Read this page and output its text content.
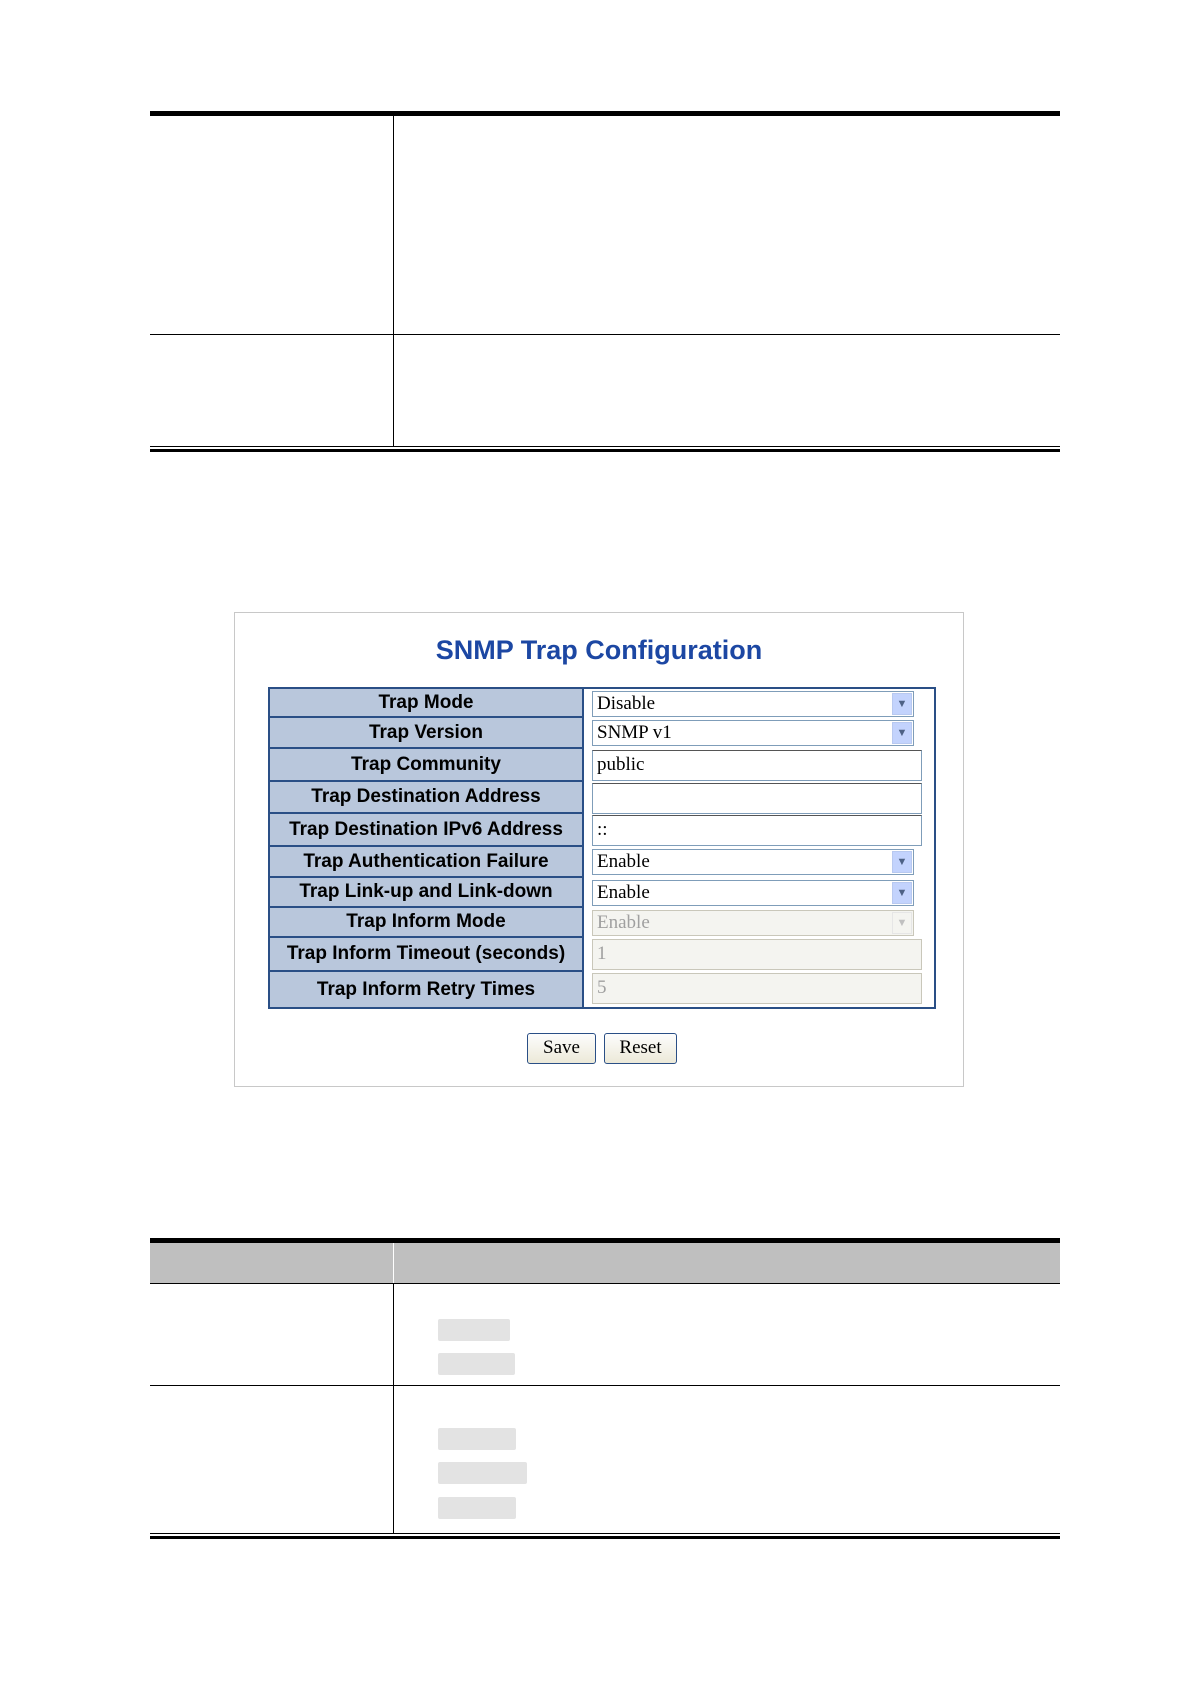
SNMP Trap Configuration
Trap Mode	Disable	▼
Trap Version	SNMP v1	▼
Trap Community	public
Trap Destination Address
Trap Destination IPv6 Address	::
Trap Authentication Failure	Enable	▼
Trap Link-up and Link-down	Enable	▼
Trap Inform Mode	Enable	▼
Trap Inform Timeout (seconds)	1
Trap Inform Retry Times	5
Save	Reset
